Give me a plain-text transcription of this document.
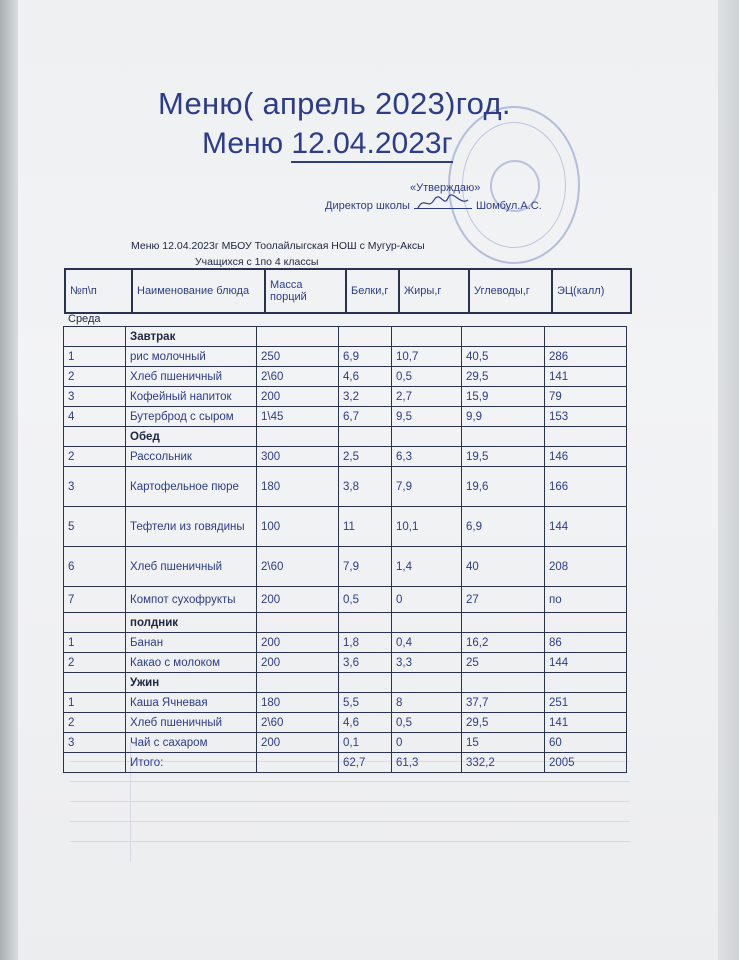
Меню( апрель 2023)год.
Меню 12.04.2023г
«Утверждаю»
Директор школы	Шомбул.А.С.
Меню 12.04.2023г МБОУ Тоолайлыгская НОШ с Мугур-Аксы
Учащихся с 1по 4 классы
№п\п	Наименование блюда	Масса порций	Белки,г	Жиры,г	Углеводы,г	ЭЦ(калл)
Среда
	Завтрак					
1	рис молочный	250	6,9	10,7	40,5	286
2	Хлеб пшеничный	2\60	4,6	0,5	29,5	141
3	Кофейный напиток	200	3,2	2,7	15,9	79
4	Бутерброд с сыром	1\45	6,7	9,5	9,9	153
	Обед					
2	Рассольник	300	2,5	6,3	19,5	146
3	Картофельное пюре	180	3,8	7,9	19,6	166
5	Тефтели из говядины	100	11	10,1	6,9	144
6	Хлеб пшеничный	2\60	7,9	1,4	40	208
7	Компот сухофрукты	200	0,5	0	27	по
	полдник					
1	Банан	200	1,8	0,4	16,2	86
2	Какао с молоком	200	3,6	3,3	25	144
	Ужин					
1	Каша Ячневая	180	5,5	8	37,7	251
2	Хлеб пшеничный	2\60	4,6	0,5	29,5	141
3	Чай с сахаром	200	0,1	0	15	60
	Итого:		62,7	61,3	332,2	2005
